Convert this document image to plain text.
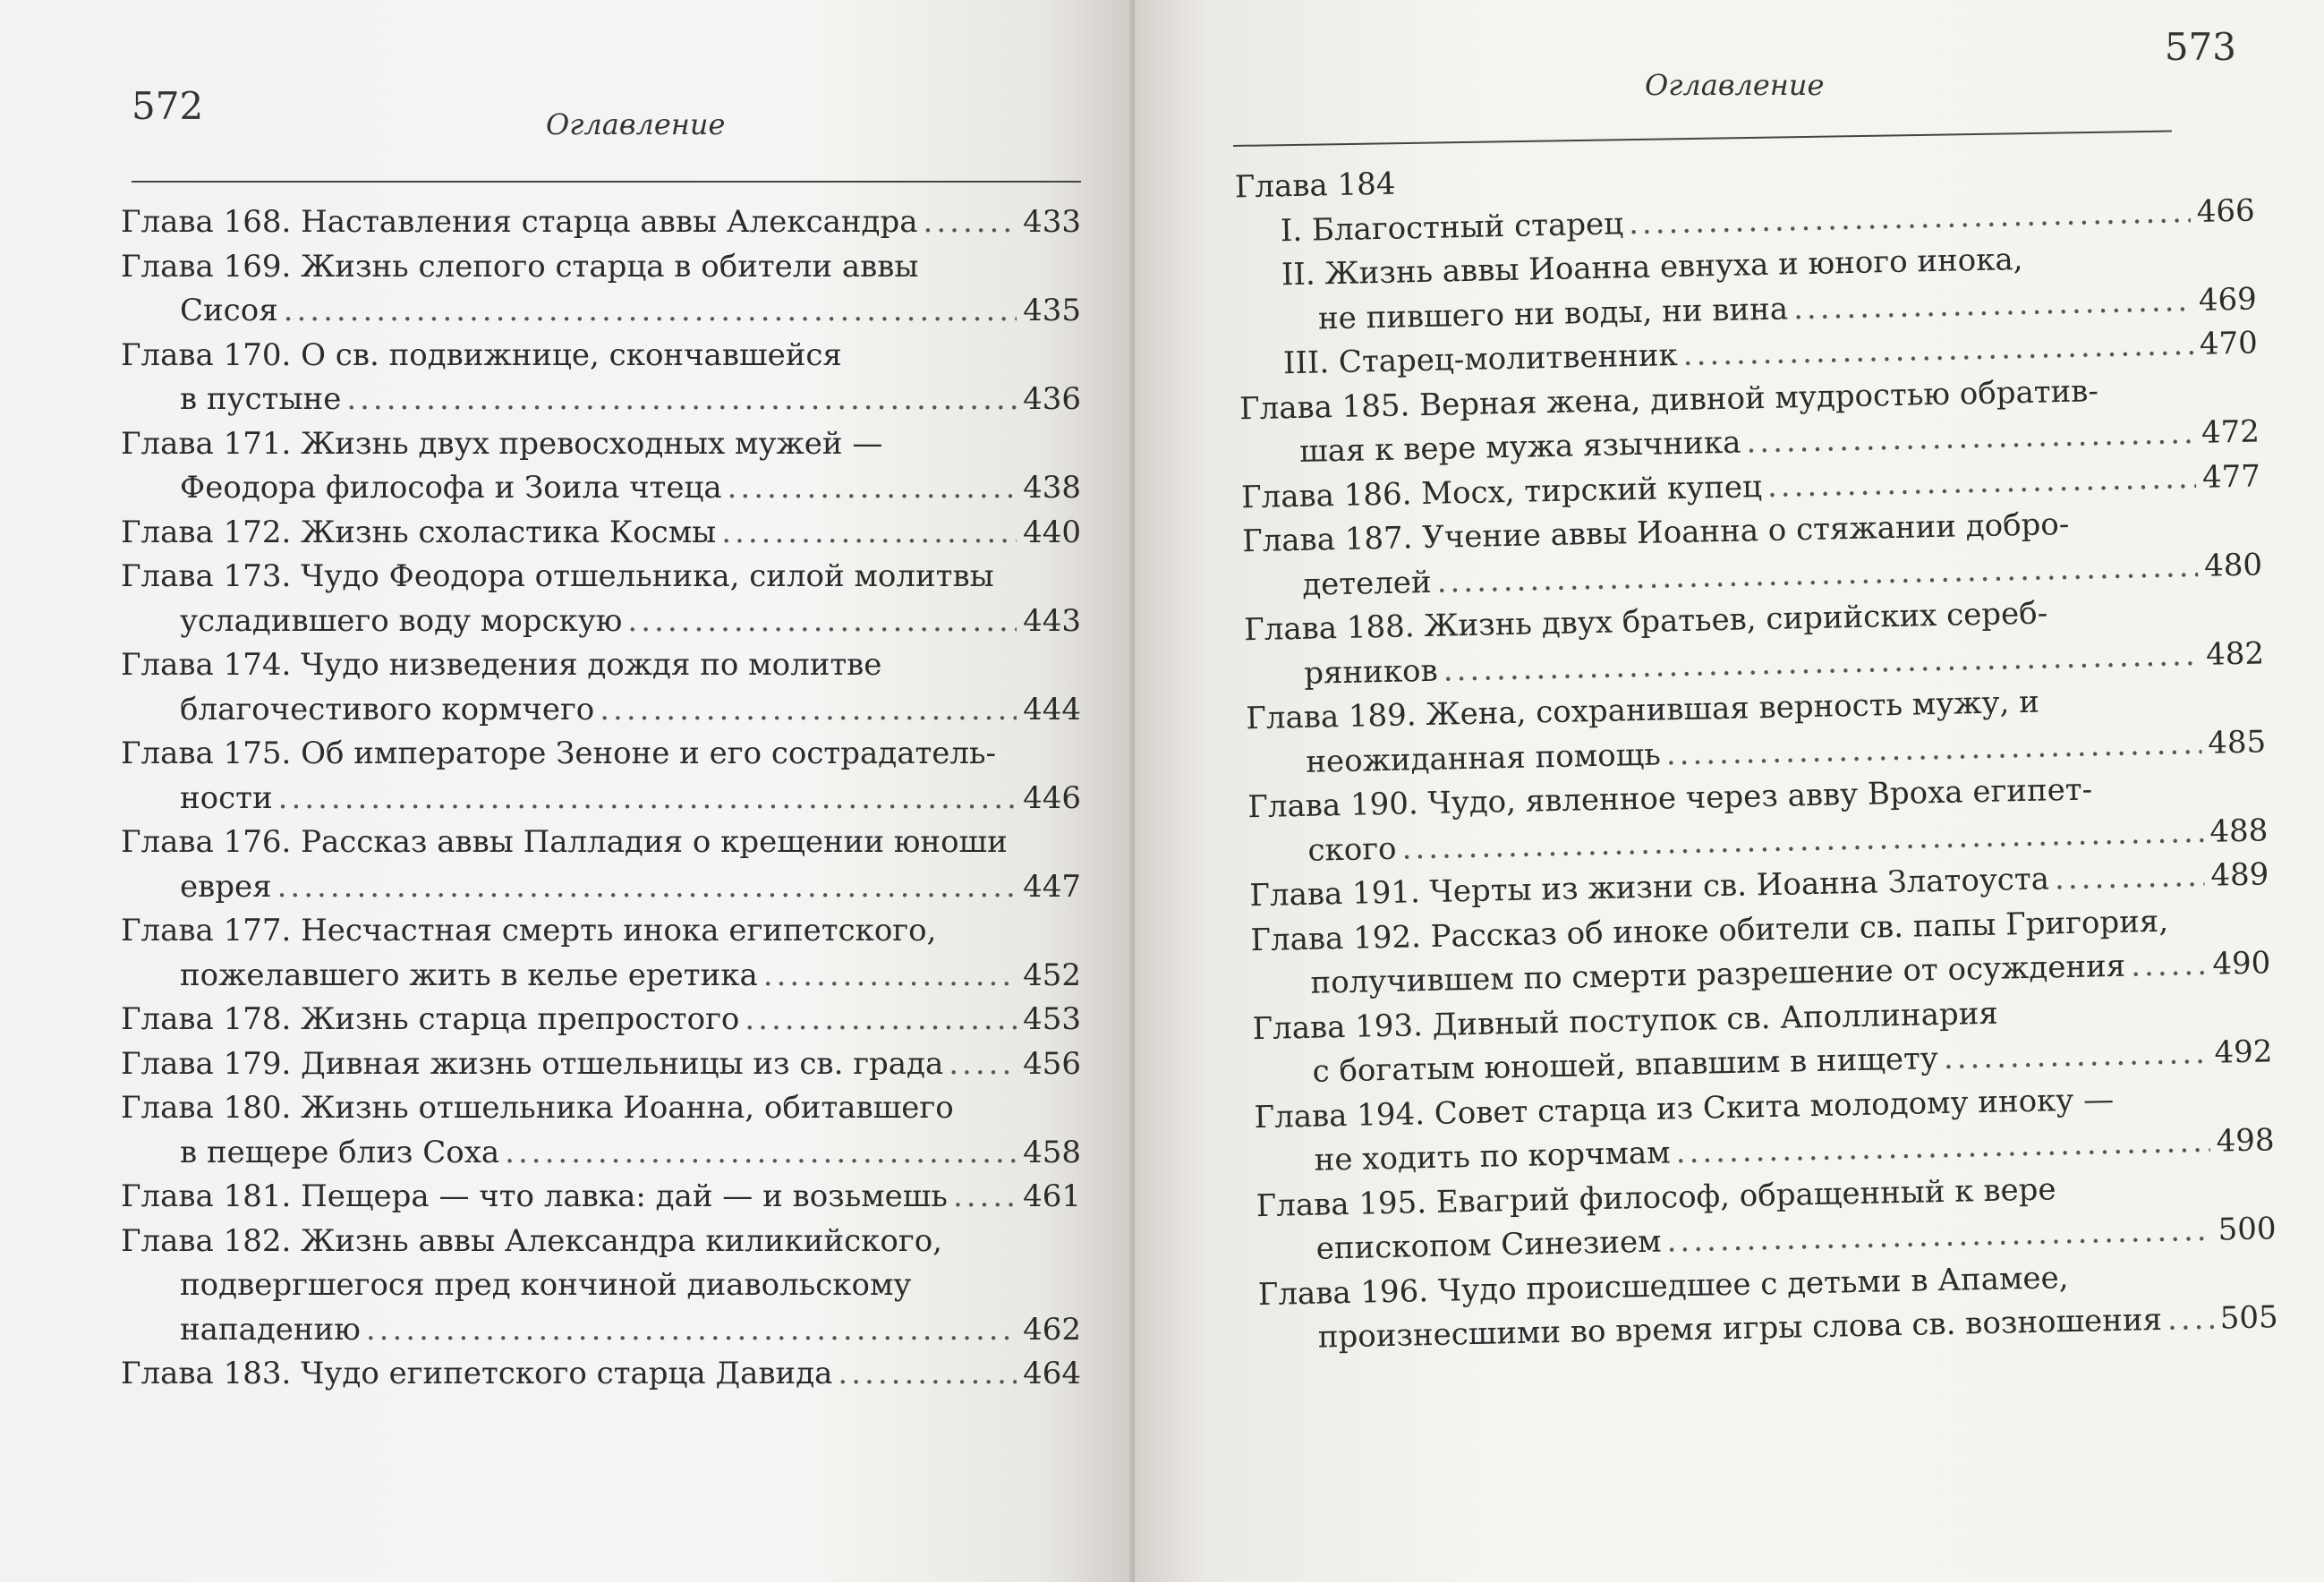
572	Оглавление
Глава 168. Наставления старца аввы Александра .....	433
Глава 169. Жизнь слепого старца в обители аввы
Сисоя .....	435
Глава 170. О св. подвижнице, скончавшейся
в пустыне .....	436
Глава 171. Жизнь двух превосходных мужей —
Феодора философа и Зоила чтеца .....	438
Глава 172. Жизнь схоластика Космы .....	440
Глава 173. Чудо Феодора отшельника, силой молитвы
усладившего воду морскую .....	443
Глава 174. Чудо низведения дождя по молитве
благочестивого кормчего .....	444
Глава 175. Об императоре Зеноне и его сострадатель-
ности .....	446
Глава 176. Рассказ аввы Палладия о крещении юноши
еврея .....	447
Глава 177. Несчастная смерть инока египетского,
пожелавшего жить в келье еретика .....	452
Глава 178. Жизнь старца препростого .....	453
Глава 179. Дивная жизнь отшельницы из св. града .....	456
Глава 180. Жизнь отшельника Иоанна, обитавшего
в пещере близ Соха .....	458
Глава 181. Пещера — что лавка: дай — и возьмешь ..... 461
Глава 182. Жизнь аввы Александра киликийского,
подвергшегося пред кончиной диавольскому
нападению .....	462
Глава 183. Чудо египетского старца Давида .....	464
573
Оглавление
Глава 184
I. Благостный старец .....	466
II. Жизнь аввы Иоанна евнуха и юного инока,
не пившего ни воды, ни вина .....	469
III. Старец-молитвенник .....	470
Глава 185. Верная жена, дивной мудростью обратив-
шая к вере мужа язычника .....	472
Глава 186. Мосх, тирский купец .....	477
Глава 187. Учение аввы Иоанна о стяжании добро-
детелей .....	480
Глава 188. Жизнь двух братьев, сирийских сереб-
ряников .....	482
Глава 189. Жена, сохранившая верность мужу, и
неожиданная помощь .....	485
Глава 190. Чудо, явленное через авву Вроха египет-
ского .....	488
Глава 191. Черты из жизни св. Иоанна Златоуста .....	489
Глава 192. Рассказ об иноке обители св. папы Григория,
получившем по смерти разрешение от осуждения .....	490
Глава 193. Дивный поступок св. Аполлинария
с богатым юношей, впавшим в нищету .....	492
Глава 194. Совет старца из Скита молодому иноку —
не ходить по корчмам .....	498
Глава 195. Евагрий философ, обращенный к вере
епископом Синезием .....	500
Глава 196. Чудо происшедшее с детьми в Апамее,
произнесшими во время игры слова св. возношения ..... 505
